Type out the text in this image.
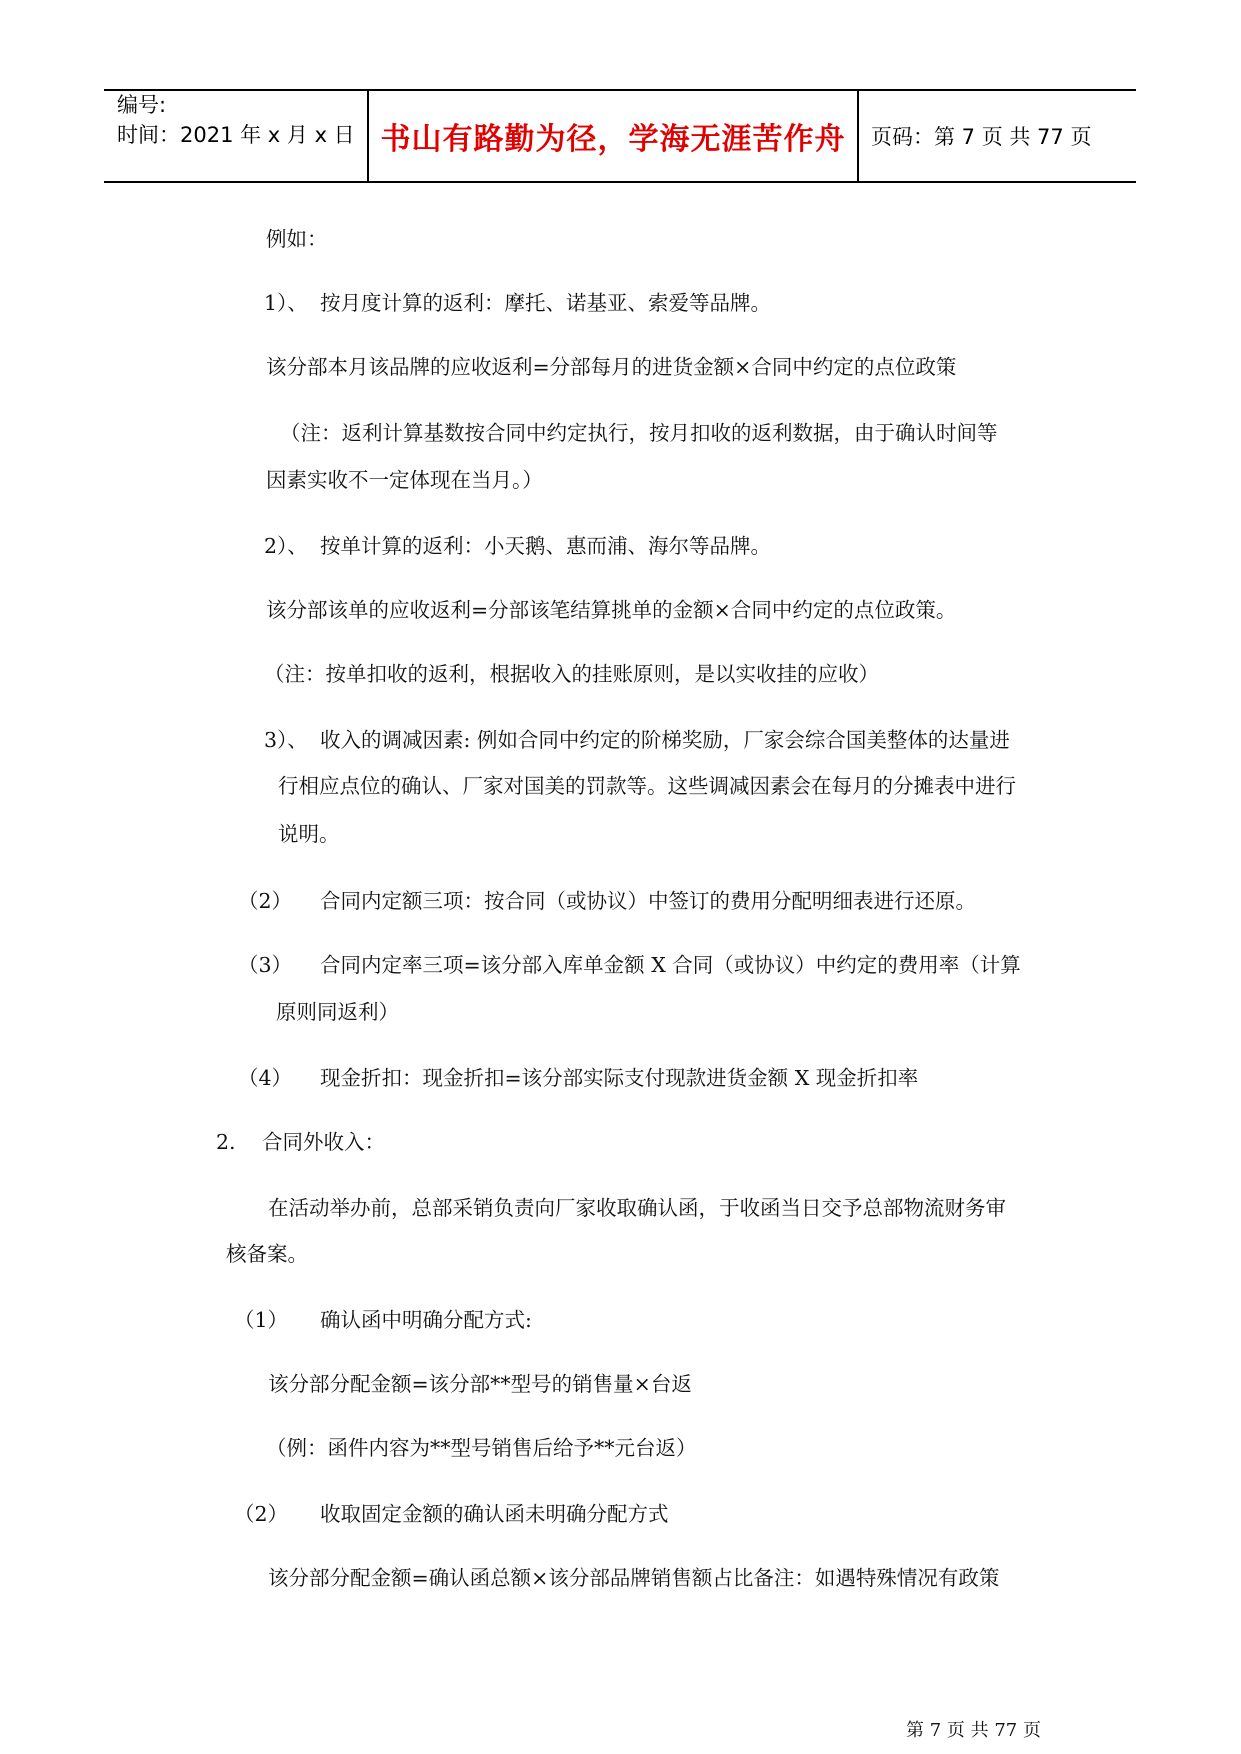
编号:
时间：2021 年 x 月 x 日 书山有路勤为径，学海无涯苦作舟	页码：第 7 页 共 77 页
例如：
1）、 按月度计算的返利：摩托、诺基亚、索爱等品牌。
该分部本月该品牌的应收返利=分部每月的进货金额×合同中约定的点位政策
（注：返利计算基数按合同中约定执行，按月扣收的返利数据，由于确认时间等
因素实收不一定体现在当月。）
2）、 按单计算的返利：小天鹅、惠而浦、海尔等品牌。
该分部该单的应收返利=分部该笔结算挑单的金额×合同中约定的点位政策。
（注：按单扣收的返利，根据收入的挂账原则，是以实收挂的应收）
3）、 收入的调减因素: 例如合同中约定的阶梯奖励，厂家会综合国美整体的达量进
行相应点位的确认、厂家对国美的罚款等。这些调减因素会在每月的分摊表中进行
说明。
（2） 合同内定额三项：按合同（或协议）中签订的费用分配明细表进行还原。
（3） 合同内定率三项=该分部入库单金额 X 合同（或协议）中约定的费用率（计算
原则同返利）
（4） 现金折扣：现金折扣=该分部实际支付现款进货金额 X 现金折扣率
2. 合同外收入：
在活动举办前，总部采销负责向厂家收取确认函，于收函当日交予总部物流财务审
核备案。
（1） 确认函中明确分配方式:
该分部分配金额=该分部**型号的销售量×台返
（例：函件内容为**型号销售后给予**元台返）
（2） 收取固定金额的确认函未明确分配方式
该分部分配金额=确认函总额×该分部品牌销售额占比备注：如遇特殊情况有政策
第 7 页 共 77 页
